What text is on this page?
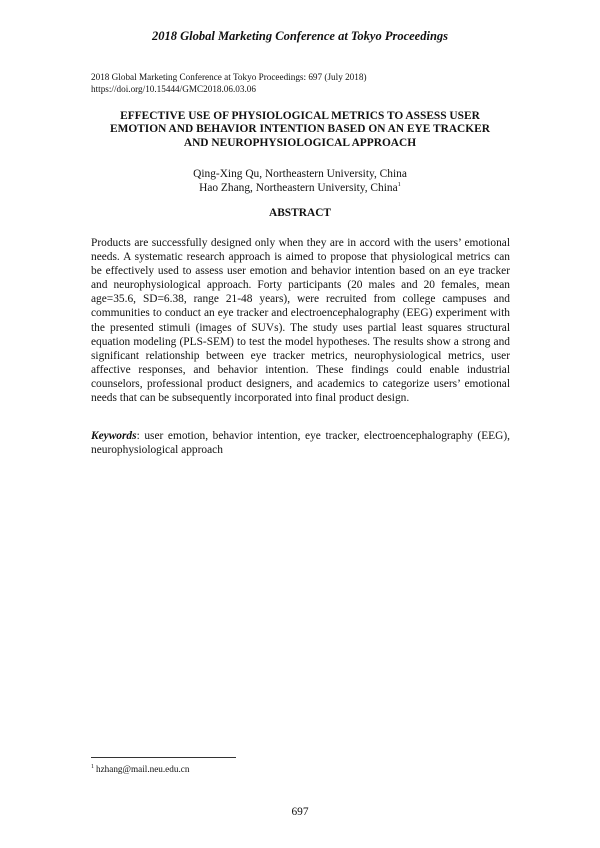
2018 Global Marketing Conference at Tokyo Proceedings
2018 Global Marketing Conference at Tokyo Proceedings: 697 (July 2018)
https://doi.org/10.15444/GMC2018.06.03.06
EFFECTIVE USE OF PHYSIOLOGICAL METRICS TO ASSESS USER
EMOTION AND BEHAVIOR INTENTION BASED ON AN EYE TRACKER
AND NEUROPHYSIOLOGICAL APPROACH
Qing-Xing Qu, Northeastern University, China
Hao Zhang, Northeastern University, China$^1$
ABSTRACT

Products are successfully designed only when they are in accord with the users’ emotional needs. A systematic research approach is aimed to propose that physiological metrics can be effectively used to assess user emotion and behavior intention based on an eye tracker and neurophysiological approach. Forty participants (20 males and 20 females, mean age=35.6, SD=6.38, range 21-48 years), were recruited from college campuses and communities to conduct an eye tracker and electroencephalography (EEG) experiment with the presented stimuli (images of SUVs). The study uses partial least squares structural equation modeling (PLS-SEM) to test the model hypotheses. The results show a strong and significant relationship between eye tracker metrics, neurophysiological metrics, user affective responses, and behavior intention. These findings could enable industrial counselors, professional product designers, and academics to categorize users’ emotional needs that can be subsequently incorporated into final product design.

Keywords: user emotion, behavior intention, eye tracker, electroencephalography (EEG), neurophysiological approach

$^1$ hzhang@mail.neu.edu.cn
697
